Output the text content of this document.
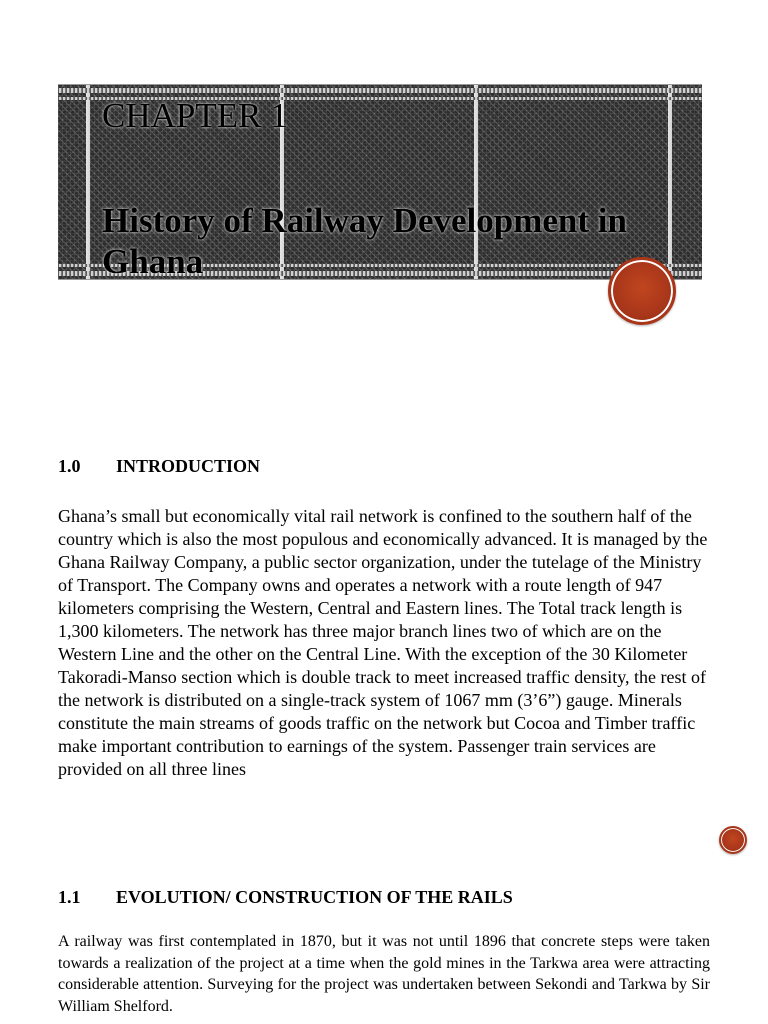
CHAPTER 1
History of Railway Development in Ghana
1.0 INTRODUCTION

Ghana’s small but economically vital rail network is confined to the southern half of the country which is also the most populous and economically advanced. It is managed by the Ghana Railway Company, a public sector organization, under the tutelage of the Ministry of Transport. The Company owns and operates a network with a route length of 947 kilometers comprising the Western, Central and Eastern lines. The Total track length is 1,300 kilometers. The network has three major branch lines two of which are on the Western Line and the other on the Central Line. With the exception of the 30 Kilometer Takoradi-Manso section which is double track to meet increased traffic density, the rest of the network is distributed on a single-track system of 1067 mm (3’6”) gauge. Minerals constitute the main streams of goods traffic on the network but Cocoa and Timber traffic make important contribution to earnings of the system. Passenger train services are provided on all three lines

1.1 EVOLUTION/ CONSTRUCTION OF THE RAILS

A railway was first contemplated in 1870, but it was not until 1896 that concrete steps were taken towards a realization of the project at a time when the gold mines in the Tarkwa area were attracting considerable attention. Surveying for the project was undertaken between Sekondi and Tarkwa by Sir William Shelford.
